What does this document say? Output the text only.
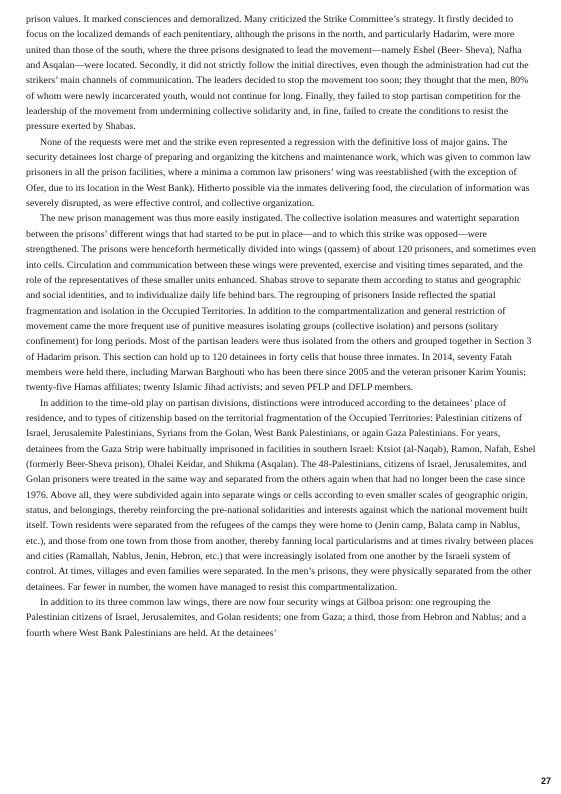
prison values. It marked consciences and demoralized. Many criticized the Strike Committee’s strategy. It firstly decided to focus on the localized demands of each penitentiary, although the prisons in the north, and particularly Hadarim, were more united than those of the south, where the three prisons designated to lead the movement—namely Eshel (Beer- Sheva), Nafha and Asqalan—were located. Secondly, it did not strictly follow the initial directives, even though the administration had cut the strikers’ main channels of communication. The leaders decided to stop the movement too soon; they thought that the men, 80% of whom were newly incarcerated youth, would not continue for long. Finally, they failed to stop partisan competition for the leadership of the movement from undermining collective solidarity and, in fine, failed to create the conditions to resist the pressure exerted by Shabas.

None of the requests were met and the strike even represented a regression with the definitive loss of major gains. The security detainees lost charge of preparing and organizing the kitchens and maintenance work, which was given to common law prisoners in all the prison facilities, where a minima a common law prisoners’ wing was reestablished (with the exception of Ofer, due to its location in the West Bank). Hitherto possible via the inmates delivering food, the circulation of information was severely disrupted, as were effective control, and collective organization.

The new prison management was thus more easily instigated. The collective isolation measures and watertight separation between the prisons’ different wings that had started to be put in place—and to which this strike was opposed—were strengthened. The prisons were henceforth hermetically divided into wings (qassem) of about 120 prisoners, and sometimes even into cells. Circulation and communication between these wings were prevented, exercise and visiting times separated, and the role of the representatives of these smaller units enhanced. Shabas strove to separate them according to status and geographic and social identities, and to individualize daily life behind bars. The regrouping of prisoners Inside reflected the spatial fragmentation and isolation in the Occupied Territories. In addition to the compartmentalization and general restriction of movement came the more frequent use of punitive measures isolating groups (collective isolation) and persons (solitary confinement) for long periods. Most of the partisan leaders were thus isolated from the others and grouped together in Section 3 of Hadarim prison. This section can hold up to 120 detainees in forty cells that house three inmates. In 2014, seventy Fatah members were held there, including Marwan Barghouti who has been there since 2005 and the veteran prisoner Karim Younis; twenty-five Hamas affiliates; twenty Islamic Jihad activists; and seven PFLP and DFLP members.

In addition to the time-old play on partisan divisions, distinctions were introduced according to the detainees’ place of residence, and to types of citizenship based on the territorial fragmentation of the Occupied Territories: Palestinian citizens of Israel, Jerusalemite Palestinians, Syrians from the Golan, West Bank Palestinians, or again Gaza Palestinians. For years, detainees from the Gaza Strip were habitually imprisoned in facilities in southern Israel: Ktsiot (al-Naqab), Ramon, Nafah, Eshel (formerly Beer-Sheva prison), Ohalei Keidar, and Shikma (Asqalan). The 48-Palestinians, citizens of Israel, Jerusalemites, and Golan prisoners were treated in the same way and separated from the others again when that had no longer been the case since 1976. Above all, they were subdivided again into separate wings or cells according to even smaller scales of geographic origin, status, and belongings, thereby reinforcing the pre-national solidarities and interests against which the national movement built itself. Town residents were separated from the refugees of the camps they were home to (Jenin camp, Balata camp in Nablus, etc.), and those from one town from those from another, thereby fanning local particularisms and at times rivalry between places and cities (Ramallah, Nablus, Jenin, Hebron, etc.) that were increasingly isolated from one another by the Israeli system of control. At times, villages and even families were separated. In the men’s prisons, they were physically separated from the other detainees. Far fewer in number, the women have managed to resist this compartmentalization.

In addition to its three common law wings, there are now four security wings at Gilboa prison: one regrouping the Palestinian citizens of Israel, Jerusalemites, and Golan residents; one from Gaza; a third, those from Hebron and Nablus; and a fourth where West Bank Palestinians are held. At the detainees’

27
